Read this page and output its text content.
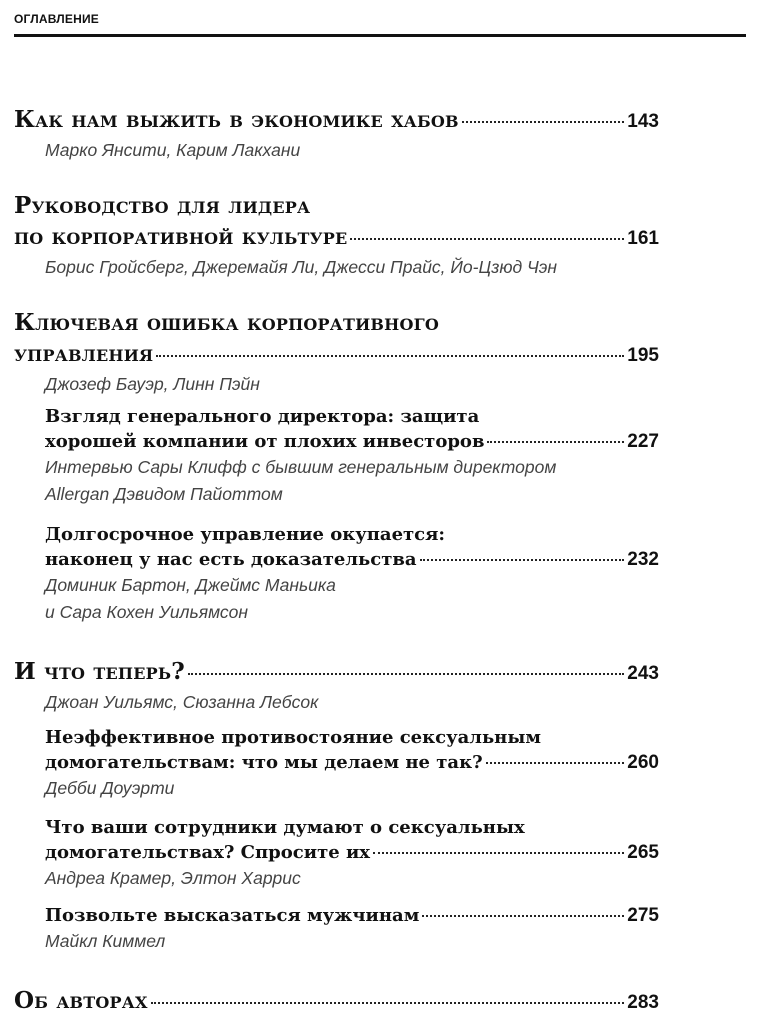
ОГЛАВЛЕНИЕ
Как нам выжить в экономике хабов	143
Марко Янсити, Карим Лакхани
Руководство для лидера
по корпоративной культуре	161
Борис Гройсберг, Джеремайя Ли, Джесси Прайс, Йо-Цзюд Чэн
Ключевая ошибка корпоративного
управления	195
Джозеф Бауэр, Линн Пэйн
Взгляд генерального директора: защита
хорошей компании от плохих инвесторов	227
Интервью Сары Клифф с бывшим генеральным директором
Allergan Дэвидом Пайоттом
Долгосрочное управление окупается:
наконец у нас есть доказательства	232
Доминик Бартон, Джеймс Маньика
и Сара Кохен Уильямсон
И что теперь?	243
Джоан Уильямс, Сюзанна Лебсок
Неэффективное противостояние сексуальным
домогательствам: что мы делаем не так?	260
Дебби Доуэрти
Что ваши сотрудники думают о сексуальных
домогательствах? Спросите их	265
Андреа Крамер, Элтон Харрис
Позвольте высказаться мужчинам	275
Майкл Киммел
Об авторах	283
